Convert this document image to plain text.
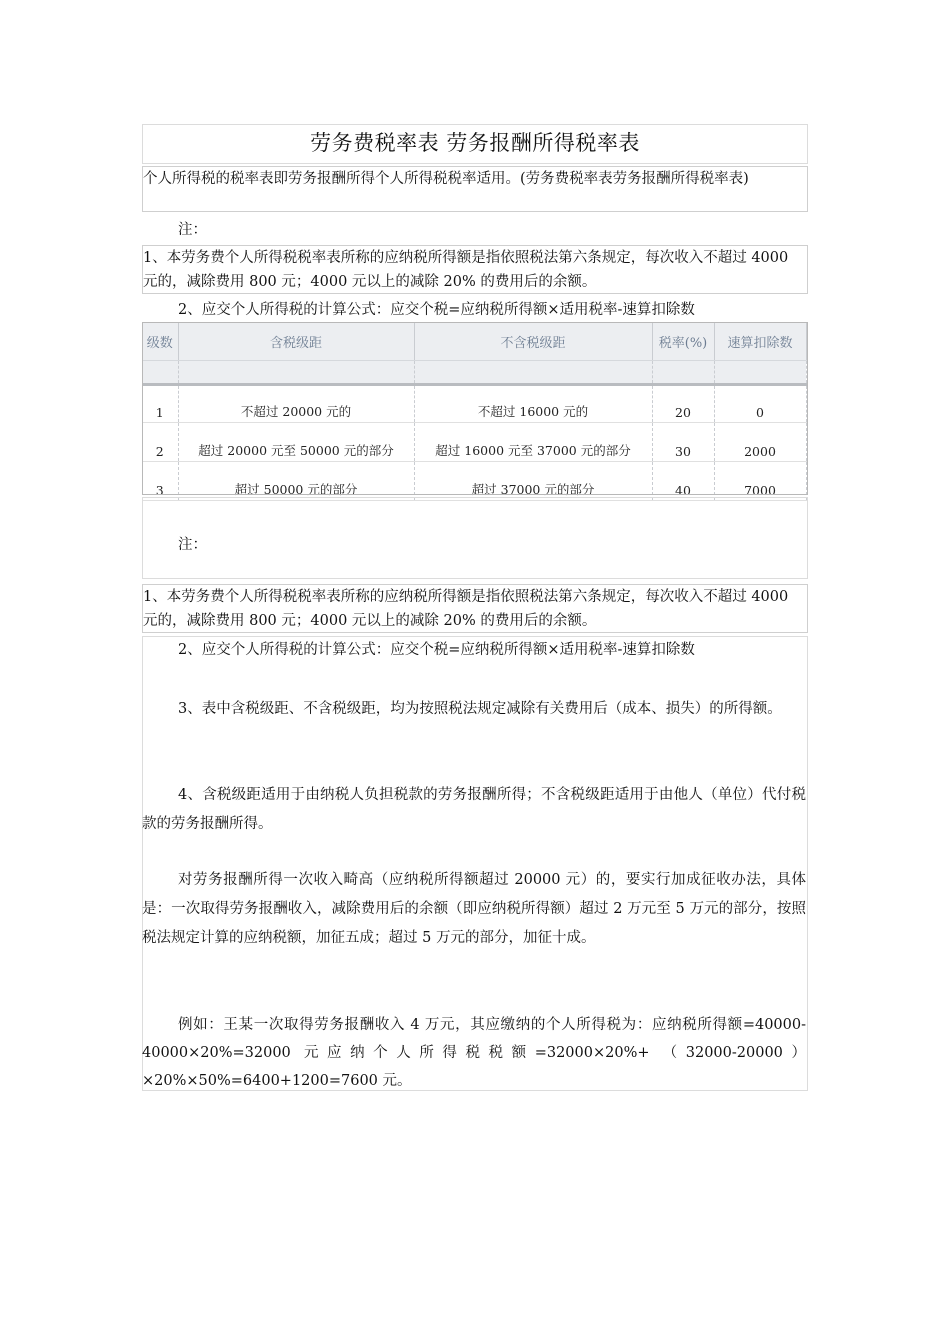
劳务费税率表 劳务报酬所得税率表

个人所得税的税率表即劳务报酬所得个人所得税税率适用。(劳务费税率表劳务报酬所得税率表)

注：
1、本劳务费个人所得税税率表所称的应纳税所得额是指依照税法第六条规定，每次收入不超过 4000 元的，减除费用 800 元；4000 元以上的减除 20% 的费用后的余额。
2、应交个人所得税的计算公式：应交个税=应纳税所得额×适用税率-速算扣除数
级数	含税级距	不含税级距	税率(%)	速算扣除数

1	不超过 20000 元的	不超过 16000 元的	20	0
2	超过 20000 元至 50000 元的部分	超过 16000 元至 37000 元的部分	30	2000
3	超过 50000 元的部分	超过 37000 元的部分	40	7000
注：
1、本劳务费个人所得税税率表所称的应纳税所得额是指依照税法第六条规定，每次收入不超过 4000 元的，减除费用 800 元；4000 元以上的减除 20% 的费用后的余额。
2、应交个人所得税的计算公式：应交个税=应纳税所得额×适用税率-速算扣除数
3、表中含税级距、不含税级距，均为按照税法规定减除有关费用后（成本、损失）的所得额。
4、含税级距适用于由纳税人负担税款的劳务报酬所得；不含税级距适用于由他人（单位）代付税款的劳务报酬所得。
对劳务报酬所得一次收入畸高（应纳税所得额超过 20000 元）的，要实行加成征收办法，具体是：一次取得劳务报酬收入，减除费用后的余额（即应纳税所得额）超过 2 万元至 5 万元的部分，按照税法规定计算的应纳税额，加征五成；超过 5 万元的部分，加征十成。
例如：王某一次取得劳务报酬收入 4 万元，其应缴纳的个人所得税为：应纳税所得额=40000-40000×20%=32000 元应纳个人所得税税额=32000×20%+ （32000-20000）×20%×50%=6400+1200=7600 元。
